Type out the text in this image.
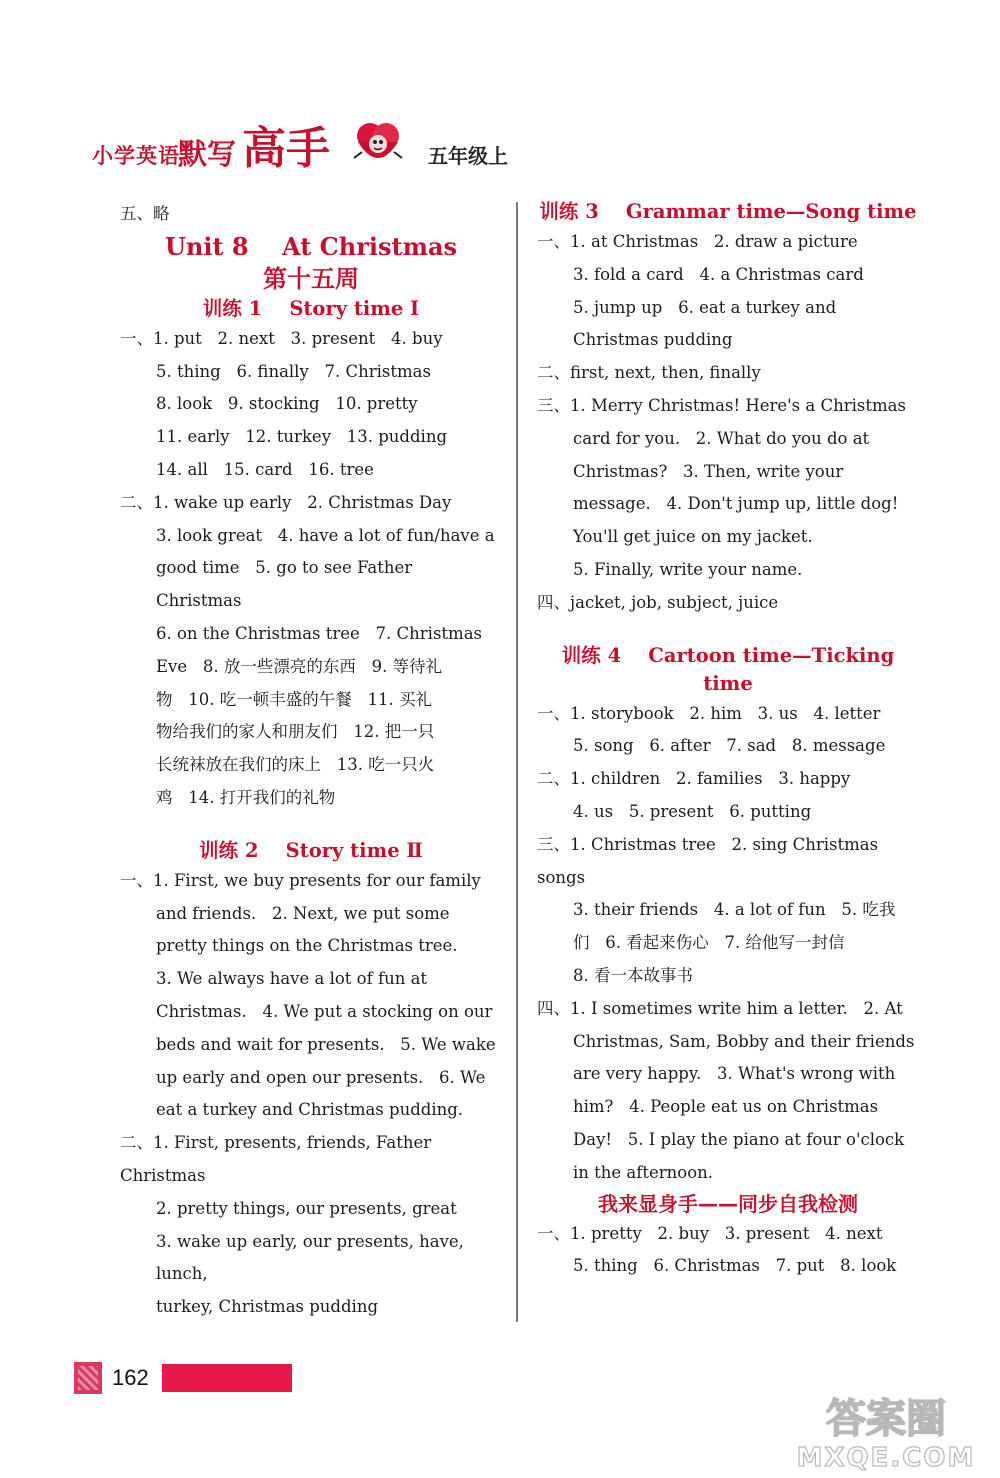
小学英语
默写 高手	五年级上

五、略

Unit 8    At Christmas

第十五周

训练 1    Story time Ⅰ

一、1. put   2. next   3. present   4. buy

5. thing   6. finally   7. Christmas

8. look   9. stocking   10. pretty

11. early   12. turkey   13. pudding

14. all   15. card   16. tree

二、1. wake up early   2. Christmas Day

3. look great   4. have a lot of fun/have a

good time   5. go to see Father Christmas

6. on the Christmas tree   7. Christmas

Eve   8. 放一些漂亮的东西   9. 等待礼

物   10. 吃一顿丰盛的午餐   11. 买礼

物给我们的家人和朋友们   12. 把一只

长统袜放在我们的床上   13. 吃一只火

鸡   14. 打开我们的礼物

训练 2    Story time Ⅱ

一、1. First, we buy presents for our family

and friends.   2. Next, we put some

pretty things on the Christmas tree.

3. We always have a lot of fun at

Christmas.   4. We put a stocking on our

beds and wait for presents.   5. We wake

up early and open our presents.   6. We

eat a turkey and Christmas pudding.

二、1. First, presents, friends, Father Christmas

2. pretty things, our presents, great

3. wake up early, our presents, have, lunch,

turkey, Christmas pudding

训练 3    Grammar time—Song time

一、1. at Christmas   2. draw a picture

3. fold a card   4. a Christmas card

5. jump up   6. eat a turkey and

Christmas pudding

二、first, next, then, finally

三、1. Merry Christmas! Here's a Christmas

card for you.   2. What do you do at

Christmas?   3. Then, write your

message.   4. Don't jump up, little dog!

You'll get juice on my jacket.

5. Finally, write your name.

四、jacket, job, subject, juice

训练 4    Cartoon time—Ticking time

一、1. storybook   2. him   3. us   4. letter

5. song   6. after   7. sad   8. message

二、1. children   2. families   3. happy

4. us   5. present   6. putting

三、1. Christmas tree   2. sing Christmas songs

3. their friends   4. a lot of fun   5. 吃我

们   6. 看起来伤心   7. 给他写一封信

8. 看一本故事书

四、1. I sometimes write him a letter.   2. At

Christmas, Sam, Bobby and their friends

are very happy.   3. What's wrong with

him?   4. People eat us on Christmas

Day!   5. I play the piano at four o'clock

in the afternoon.

我来显身手——同步自我检测

一、1. pretty   2. buy   3. present   4. next

5. thing   6. Christmas   7. put   8. look

162
答案圈
MXQE.COM
